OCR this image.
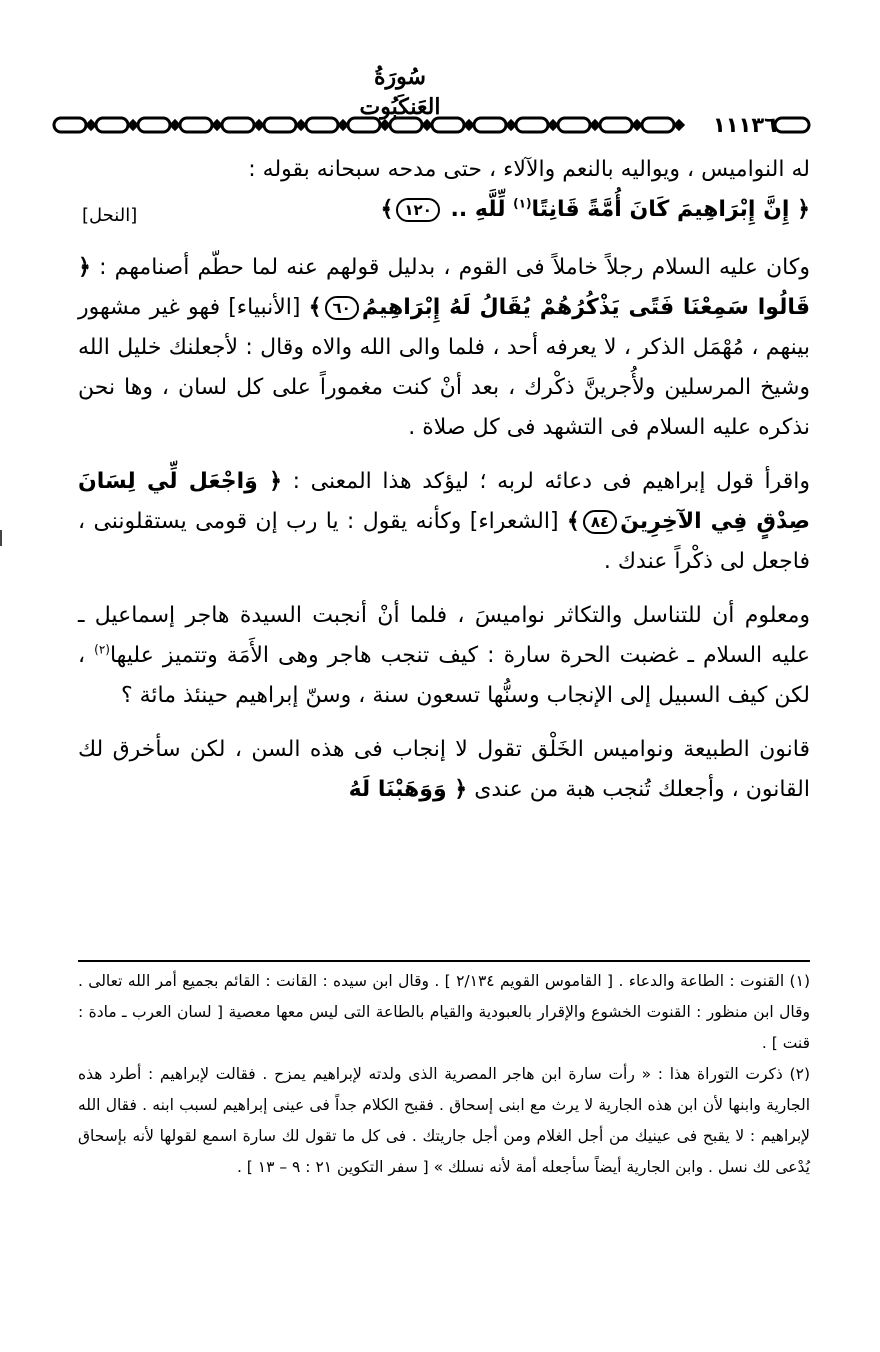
سُورَةُ العَنكَبُوت
١١١٣٦

له النواميس ، ويواليه بالنعم والآلاء ، حتى مدحه سبحانه بقوله :

﴿ إِنَّ إِبْرَاهِيمَ كَانَ أُمَّةً قَانِتًا$^{(١)}$ لِّلَّهِ .. ١٢٠﴾
[النحل]

وكان عليه السلام رجلاً خاملاً فى القوم ، بدليل قولهم عنه لما حطّم أصنامهم : ﴿ قَالُوا سَمِعْنَا فَتًى يَذْكُرُهُمْ يُقَالُ لَهُ إِبْرَاهِيمُ٦٠﴾ [الأنبياء] فهو غير مشهور بينهم ، مُهْمَل الذكر ، لا يعرفه أحد ، فلما والى الله والاه وقال : لأجعلنك خليل الله وشيخ المرسلين ولأُجرينَّ ذكْرك ، بعد أنْ كنت مغموراً على كل لسان ، وها نحن نذكره عليه السلام فى التشهد فى كل صلاة .

واقرأ قول إبراهيم فى دعائه لربه ؛ ليؤكد هذا المعنى : ﴿ وَاجْعَل لِّي لِسَانَ صِدْقٍ فِي الآخِرِينَ٨٤﴾ [الشعراء] وكأنه يقول : يا رب إن قومى يستقلوننى ، فاجعل لى ذكْراً عندك .

ومعلوم أن للتناسل والتكاثر نواميسَ ، فلما أنْ أنجبت السيدة هاجر إسماعيل ـ عليه السلام ـ غضبت الحرة سارة : كيف تنجب هاجر وهى الأَمَة وتتميز عليها$^{(٢)}$ ، لكن كيف السبيل إلى الإنجاب وسنُّها تسعون سنة ، وسنّ إبراهيم حينئذ مائة ؟

قانون الطبيعة ونواميس الخَلْق تقول لا إنجاب فى هذه السن ، لكن سأخرق لك القانون ، وأجعلك تُنجب هبة من عندى ﴿ وَوَهَبْنَا لَهُ

(١) القنوت : الطاعة والدعاء . [ القاموس القويم ٢/١٣٤ ] . وقال ابن سيده : القانت : القائم بجميع أمر الله تعالى . وقال ابن منظور : القنوت الخشوع والإقرار بالعبودية والقيام بالطاعة التى ليس معها معصية [ لسان العرب ـ مادة : قنت ] .

(٢) ذكرت التوراة هذا : « رأت سارة ابن هاجر المصرية الذى ولدته لإبراهيم يمزح . فقالت لإبراهيم : أطرد هذه الجارية وابنها لأن ابن هذه الجارية لا يرث مع ابنى إسحاق . فقبح الكلام جداً فى عينى إبراهيم لسبب ابنه . فقال الله لإبراهيم : لا يقبح فى عينيك من أجل الغلام ومن أجل جاريتك . فى كل ما تقول لك سارة اسمع لقولها لأنه بإسحاق يُدْعى لك نسل . وابن الجارية أيضاً سأجعله أمة لأنه نسلك » [ سفر التكوين ٢١ : ٩ – ١٣ ] .
